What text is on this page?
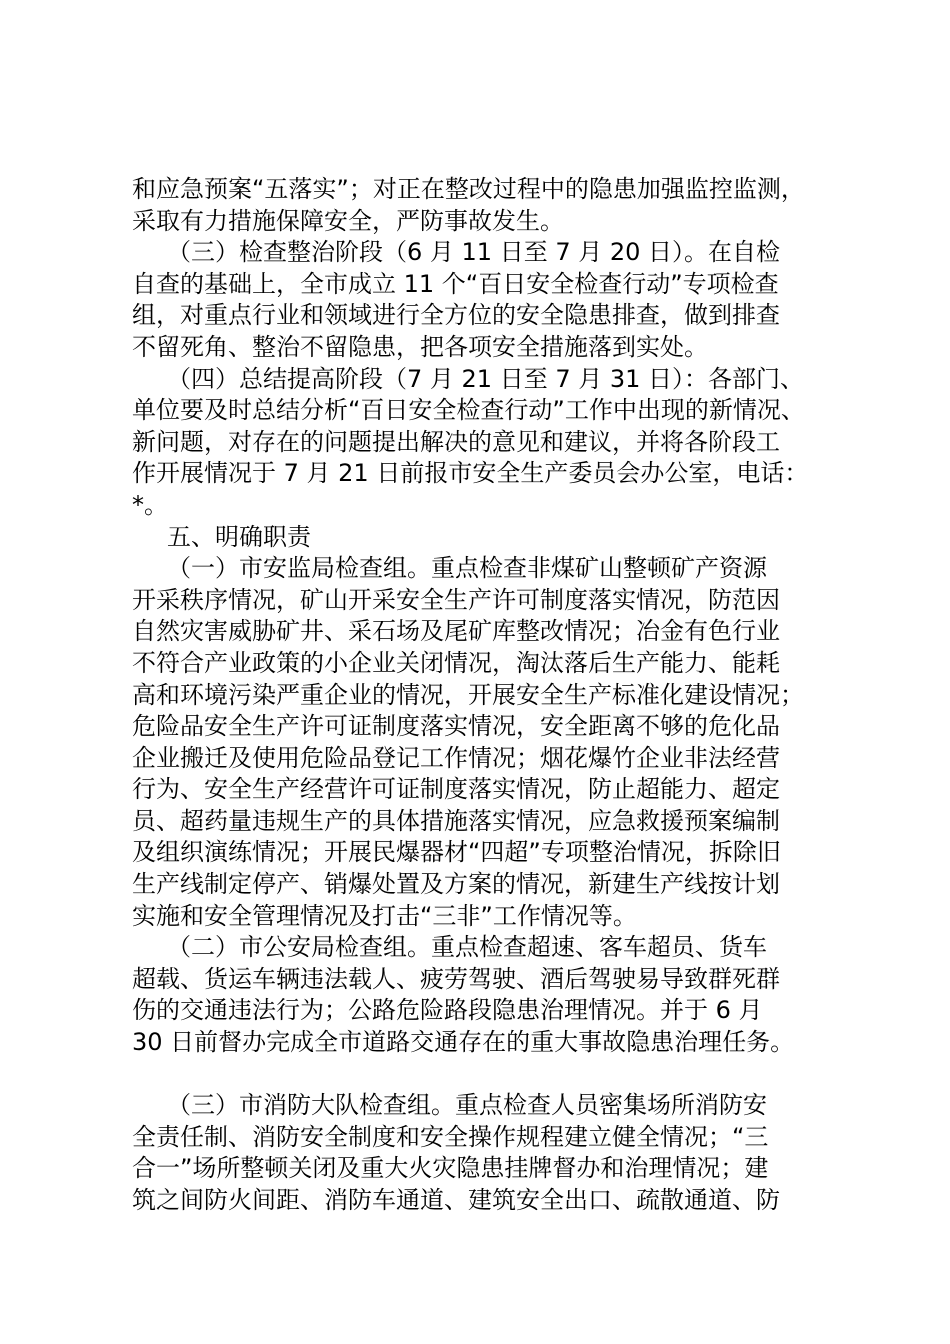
和应急预案“五落实”；对正在整改过程中的隐患加强监控监测，
采取有力措施保障安全，严防事故发生。
（三）检查整治阶段（6 月 11 日至 7 月 20 日）。在自检
自查的基础上，全市成立 11 个“百日安全检查行动”专项检查
组，对重点行业和领域进行全方位的安全隐患排查，做到排查
不留死角、整治不留隐患，把各项安全措施落到实处。
（四）总结提高阶段（7 月 21 日至 7 月 31 日）：各部门、
单位要及时总结分析“百日安全检查行动”工作中出现的新情况、
新问题，对存在的问题提出解决的意见和建议，并将各阶段工
作开展情况于 7 月 21 日前报市安全生产委员会办公室，电话：
*。
五、明确职责
（一）市安监局检查组。重点检查非煤矿山整顿矿产资源
开采秩序情况，矿山开采安全生产许可制度落实情况，防范因
自然灾害威胁矿井、采石场及尾矿库整改情况；冶金有色行业
不符合产业政策的小企业关闭情况，淘汰落后生产能力、能耗
高和环境污染严重企业的情况，开展安全生产标准化建设情况；
危险品安全生产许可证制度落实情况，安全距离不够的危化品
企业搬迁及使用危险品登记工作情况；烟花爆竹企业非法经营
行为、安全生产经营许可证制度落实情况，防止超能力、超定
员、超药量违规生产的具体措施落实情况，应急救援预案编制
及组织演练情况；开展民爆器材“四超”专项整治情况，拆除旧
生产线制定停产、销爆处置及方案的情况，新建生产线按计划
实施和安全管理情况及打击“三非”工作情况等。
（二）市公安局检查组。重点检查超速、客车超员、货车
超载、货运车辆违法载人、疲劳驾驶、酒后驾驶易导致群死群
伤的交通违法行为；公路危险路段隐患治理情况。并于 6 月
30 日前督办完成全市道路交通存在的重大事故隐患治理任务。
（三）市消防大队检查组。重点检查人员密集场所消防安
全责任制、消防安全制度和安全操作规程建立健全情况；“三
合一”场所整顿关闭及重大火灾隐患挂牌督办和治理情况；建
筑之间防火间距、消防车通道、建筑安全出口、疏散通道、防
